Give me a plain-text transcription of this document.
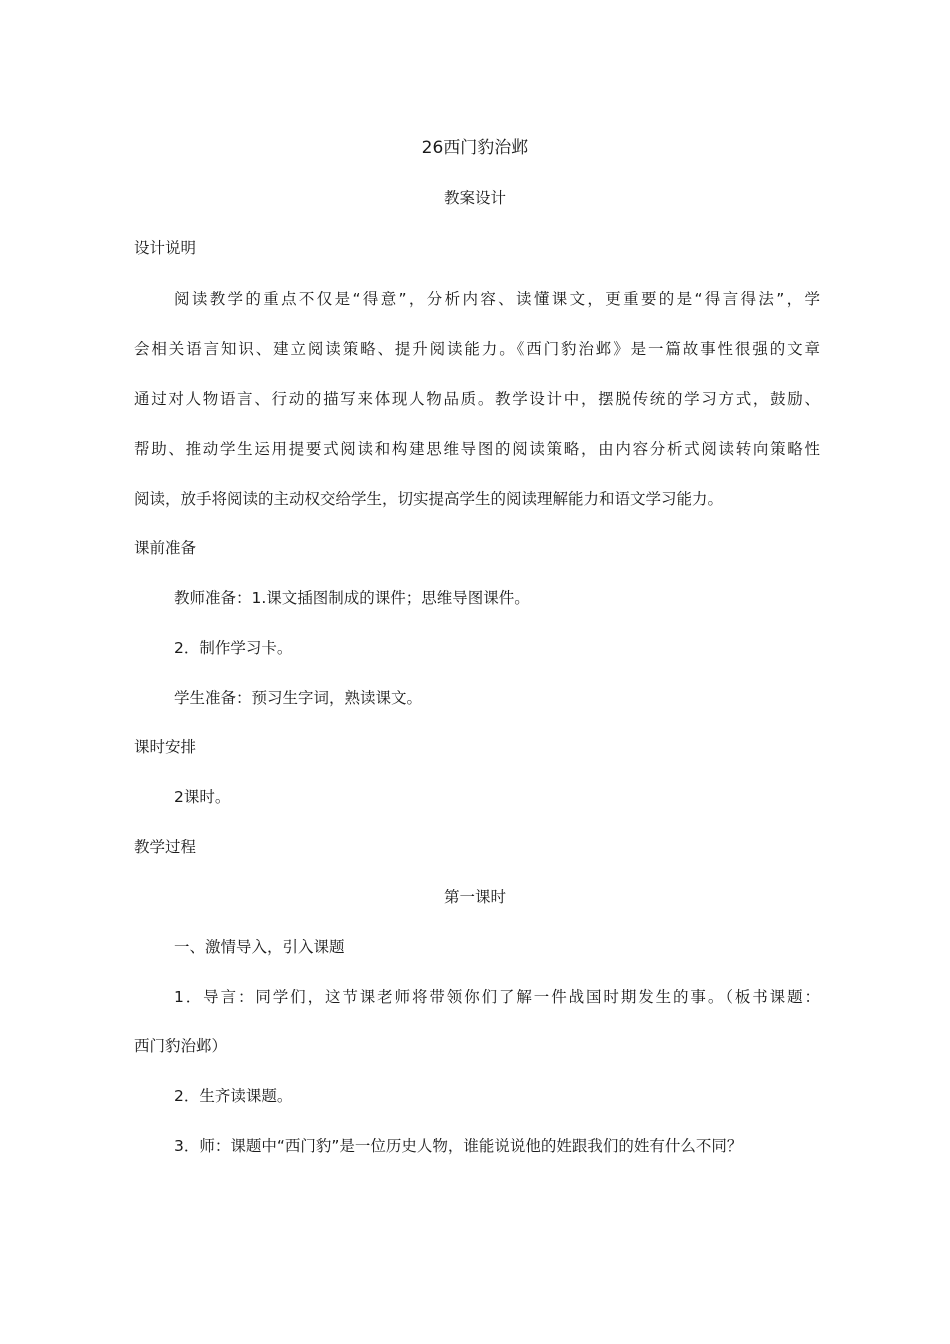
26西门豹治邺
教案设计
设计说明
阅读教学的重点不仅是“得意”，分析内容、读懂课文，更重要的是“得言得法”，学
会相关语言知识、建立阅读策略、提升阅读能力。《西门豹治邺》是一篇故事性很强的文章
通过对人物语言、行动的描写来体现人物品质。教学设计中，摆脱传统的学习方式，鼓励、
帮助、推动学生运用提要式阅读和构建思维导图的阅读策略，由内容分析式阅读转向策略性
阅读，放手将阅读的主动权交给学生，切实提高学生的阅读理解能力和语文学习能力。
课前准备
教师准备：1.课文插图制成的课件；思维导图课件。
2．制作学习卡。
学生准备：预习生字词，熟读课文。
课时安排
2课时。
教学过程
第一课时
一、激情导入，引入课题
1．导言：同学们，这节课老师将带领你们了解一件战国时期发生的事。（板书课题：
西门豹治邺）
2．生齐读课题。
3．师：课题中“西门豹”是一位历史人物，谁能说说他的姓跟我们的姓有什么不同？
